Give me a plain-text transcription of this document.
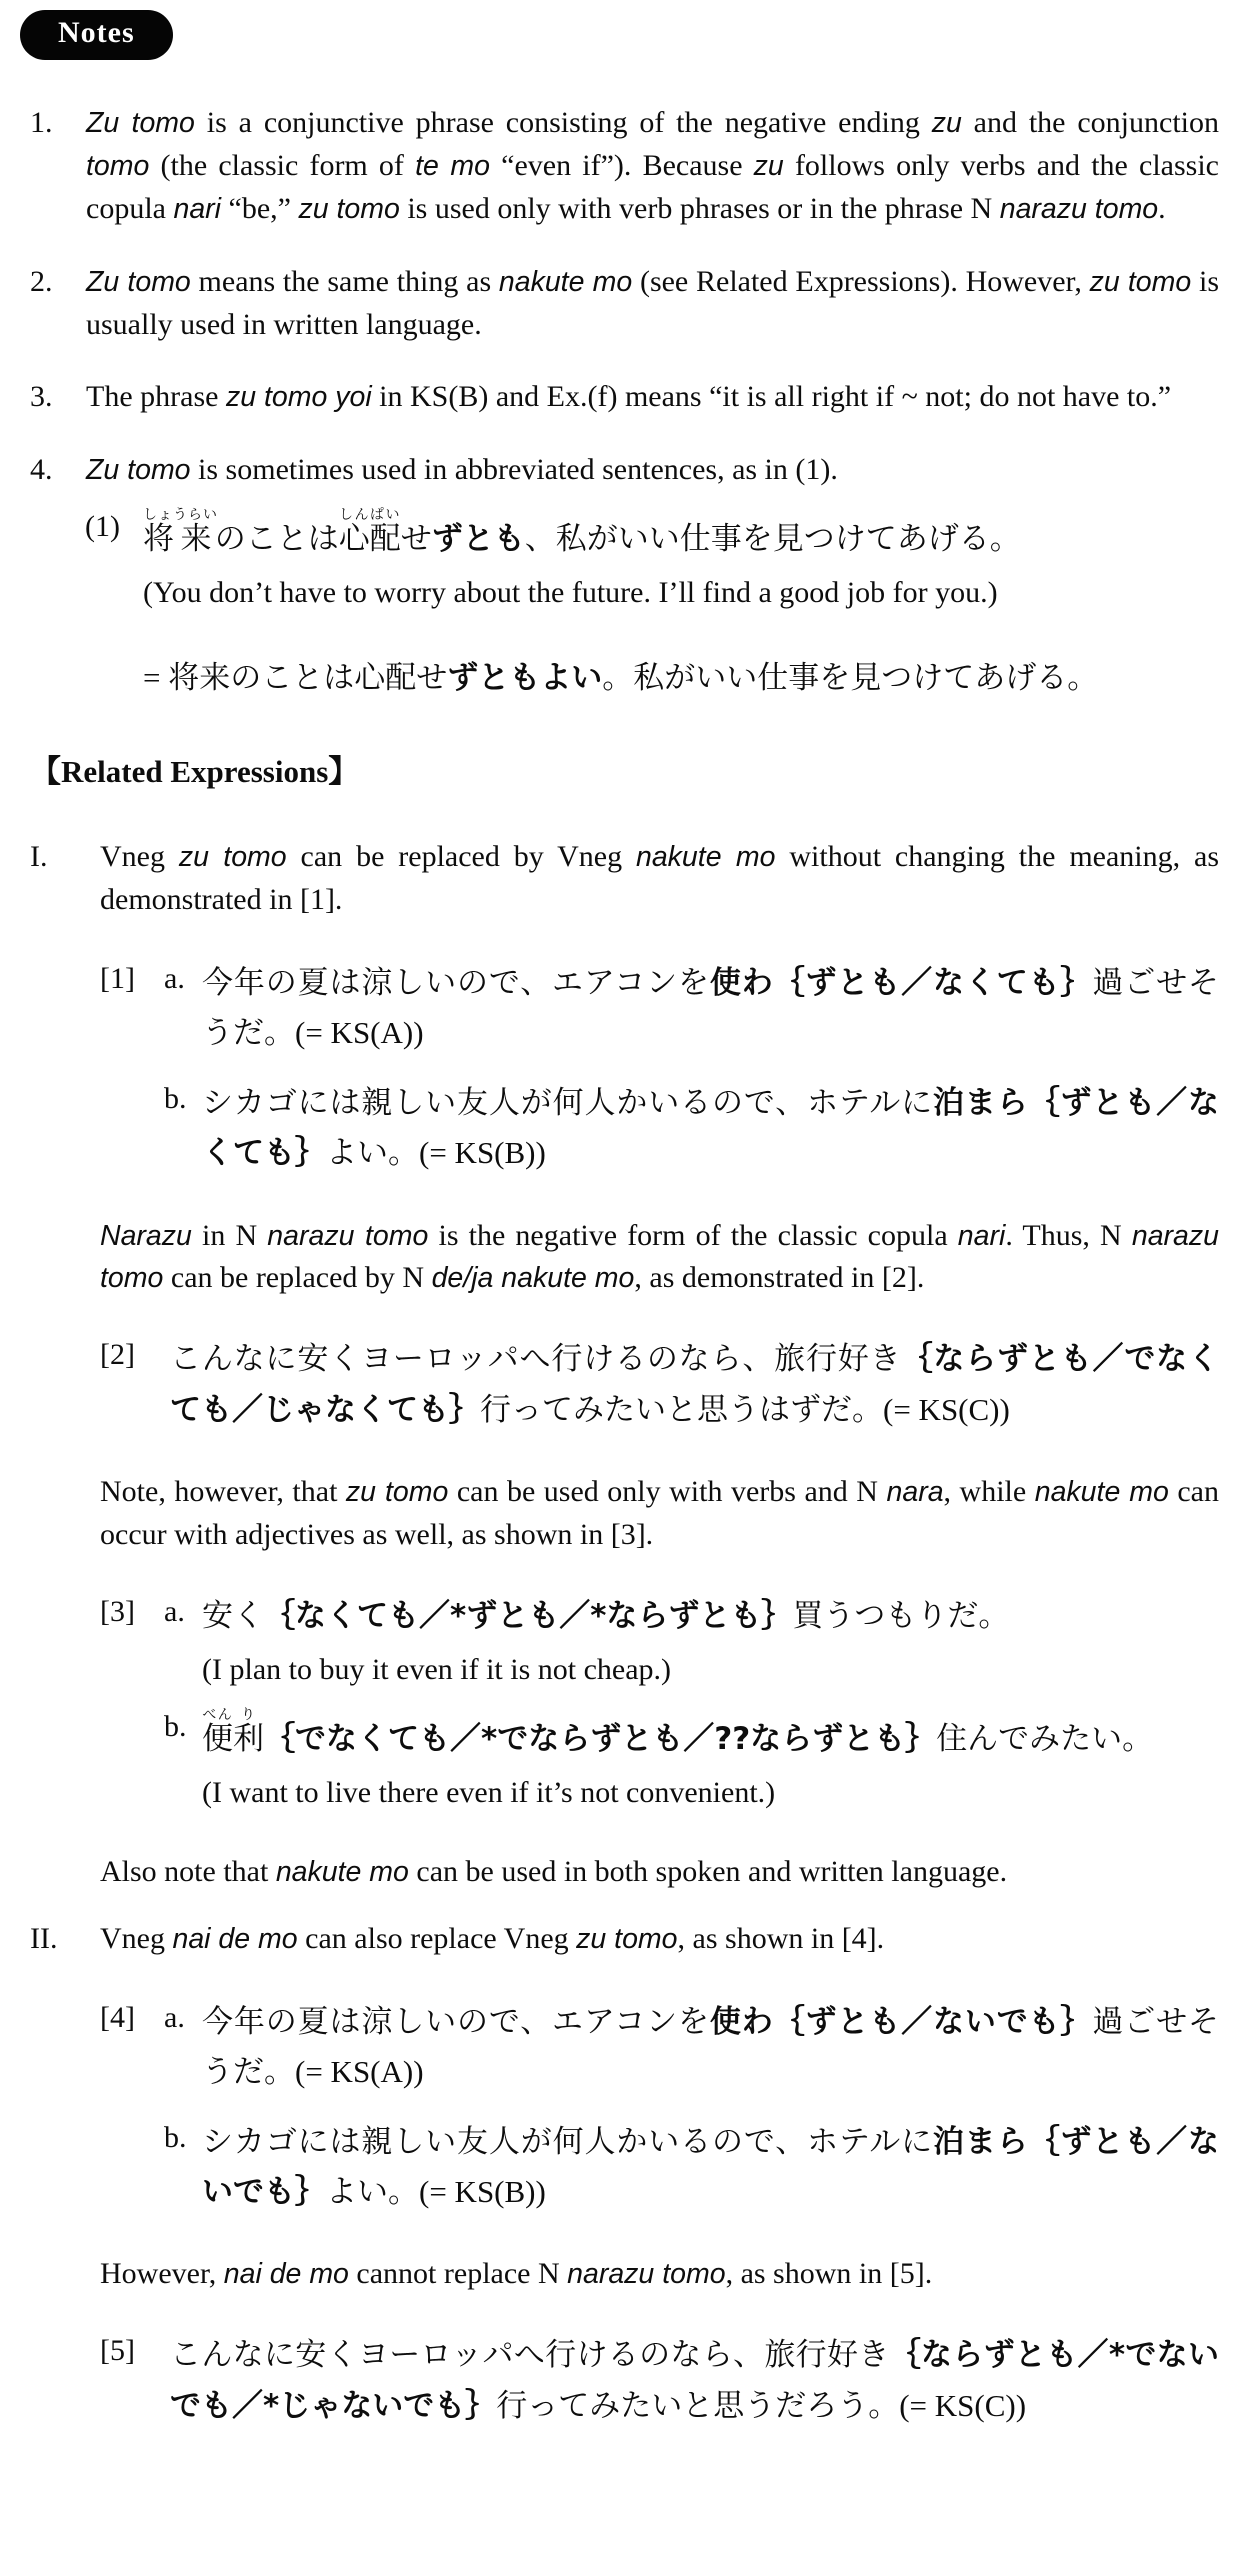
Notes
1.	Zu tomo is a conjunctive phrase consisting of the negative ending zu and the conjunction tomo (the classic form of te mo “even if”). Because zu follows only verbs and the classic copula nari “be,” zu tomo is used only with verb phrases or in the phrase N narazu tomo.

2.	Zu tomo means the same thing as nakute mo (see Related Expressions). However, zu tomo is usually used in written language.

3.	The phrase zu tomo yoi in KS(B) and Ex.(f) means “it is all right if ~ not; do not have to.”

4.	Zu tomo is sometimes used in abbreviated sentences, as in (1).

(1) 将来しょうらいのことは心配しんぱいせずとも、私がいい仕事を見つけてあげる。

(You don’t have to worry about the future. I’ll find a good job for you.)

= 将来のことは心配せずともよい。私がいい仕事を見つけてあげる。

【Related Expressions】
I.	Vneg zu tomo can be replaced by Vneg nakute mo without changing the meaning, as demonstrated in [1].

[1] a. 今年の夏は涼しいので、エアコンを使わ｛ずとも／なくても｝過ごせそうだ。(= KS(A))

b. シカゴには親しい友人が何人かいるので、ホテルに泊まら｛ずとも／なくても｝よい。(= KS(B))

Narazu in N narazu tomo is the negative form of the classic copula nari. Thus, N narazu tomo can be replaced by N de/ja nakute mo, as demonstrated in [2].

[2]	こんなに安くヨーロッパへ行けるのなら、旅行好き｛ならずとも／でなくても／じゃなくても｝行ってみたいと思うはずだ。(= KS(C))

Note, however, that zu tomo can be used only with verbs and N nara, while nakute mo can occur with adjectives as well, as shown in [3].

[3] a. 安く｛なくても／*ずとも／*ならずとも｝買うつもりだ。

(I plan to buy it even if it is not cheap.)

b. 便べん利り｛でなくても／*でならずとも／??ならずとも｝住んでみたい。

(I want to live there even if it’s not convenient.)

Also note that nakute mo can be used in both spoken and written language.

II.	Vneg nai de mo can also replace Vneg zu tomo, as shown in [4].

[4] a. 今年の夏は涼しいので、エアコンを使わ｛ずとも／ないでも｝過ごせそうだ。(= KS(A))

b. シカゴには親しい友人が何人かいるので、ホテルに泊まら｛ずとも／ないでも｝よい。(= KS(B))

However, nai de mo cannot replace N narazu tomo, as shown in [5].

[5]	こんなに安くヨーロッパへ行けるのなら、旅行好き｛ならずとも／*でないでも／*じゃないでも｝行ってみたいと思うだろう。(= KS(C))
